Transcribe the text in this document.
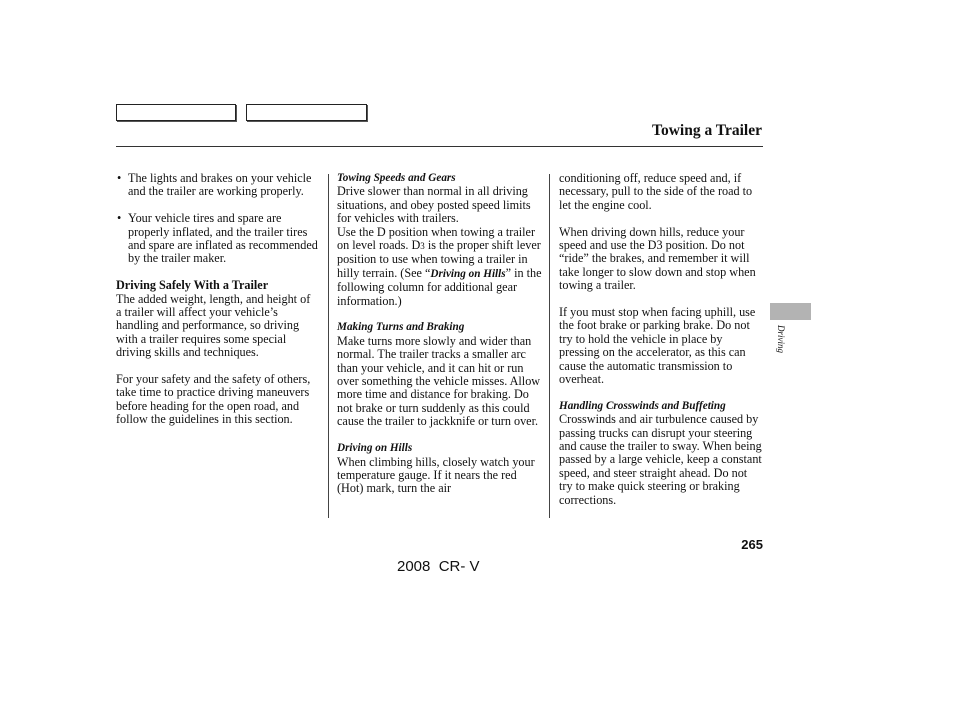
Towing a Trailer

• The lights and brakes on your vehicle and the trailer are working properly.

• Your vehicle tires and spare are properly inflated, and the trailer tires and spare are inflated as recommended by the trailer maker.

Driving Safely With a Trailer

The added weight, length, and height of a trailer will affect your vehicle’s handling and performance, so driving with a trailer requires some special driving skills and techniques.

For your safety and the safety of others, take time to practice driving maneuvers before heading for the open road, and follow the guidelines in this section.

Towing Speeds and Gears

Drive slower than normal in all driving situations, and obey posted speed limits for vehicles with trailers.

Use the D position when towing a trailer on level roads. D3 is the proper shift lever position to use when towing a trailer in hilly terrain. (See “Driving on Hills” in the following column for additional gear information.)

Making Turns and Braking

Make turns more slowly and wider than normal. The trailer tracks a smaller arc than your vehicle, and it can hit or run over something the vehicle misses. Allow more time and distance for braking. Do not brake or turn suddenly as this could cause the trailer to jackknife or turn over.

Driving on Hills

When climbing hills, closely watch your temperature gauge. If it nears the red (Hot) mark, turn the air

conditioning off, reduce speed and, if necessary, pull to the side of the road to let the engine cool.

When driving down hills, reduce your speed and use the D3 position. Do not “ride” the brakes, and remember it will take longer to slow down and stop when towing a trailer.

If you must stop when facing uphill, use the foot brake or parking brake. Do not try to hold the vehicle in place by pressing on the accelerator, as this can cause the automatic transmission to overheat.

Handling Crosswinds and Buffeting

Crosswinds and air turbulence caused by passing trucks can disrupt your steering and cause the trailer to sway. When being passed by a large vehicle, keep a constant speed, and steer straight ahead. Do not try to make quick steering or braking corrections.

Driving
265
2008  CR- V
